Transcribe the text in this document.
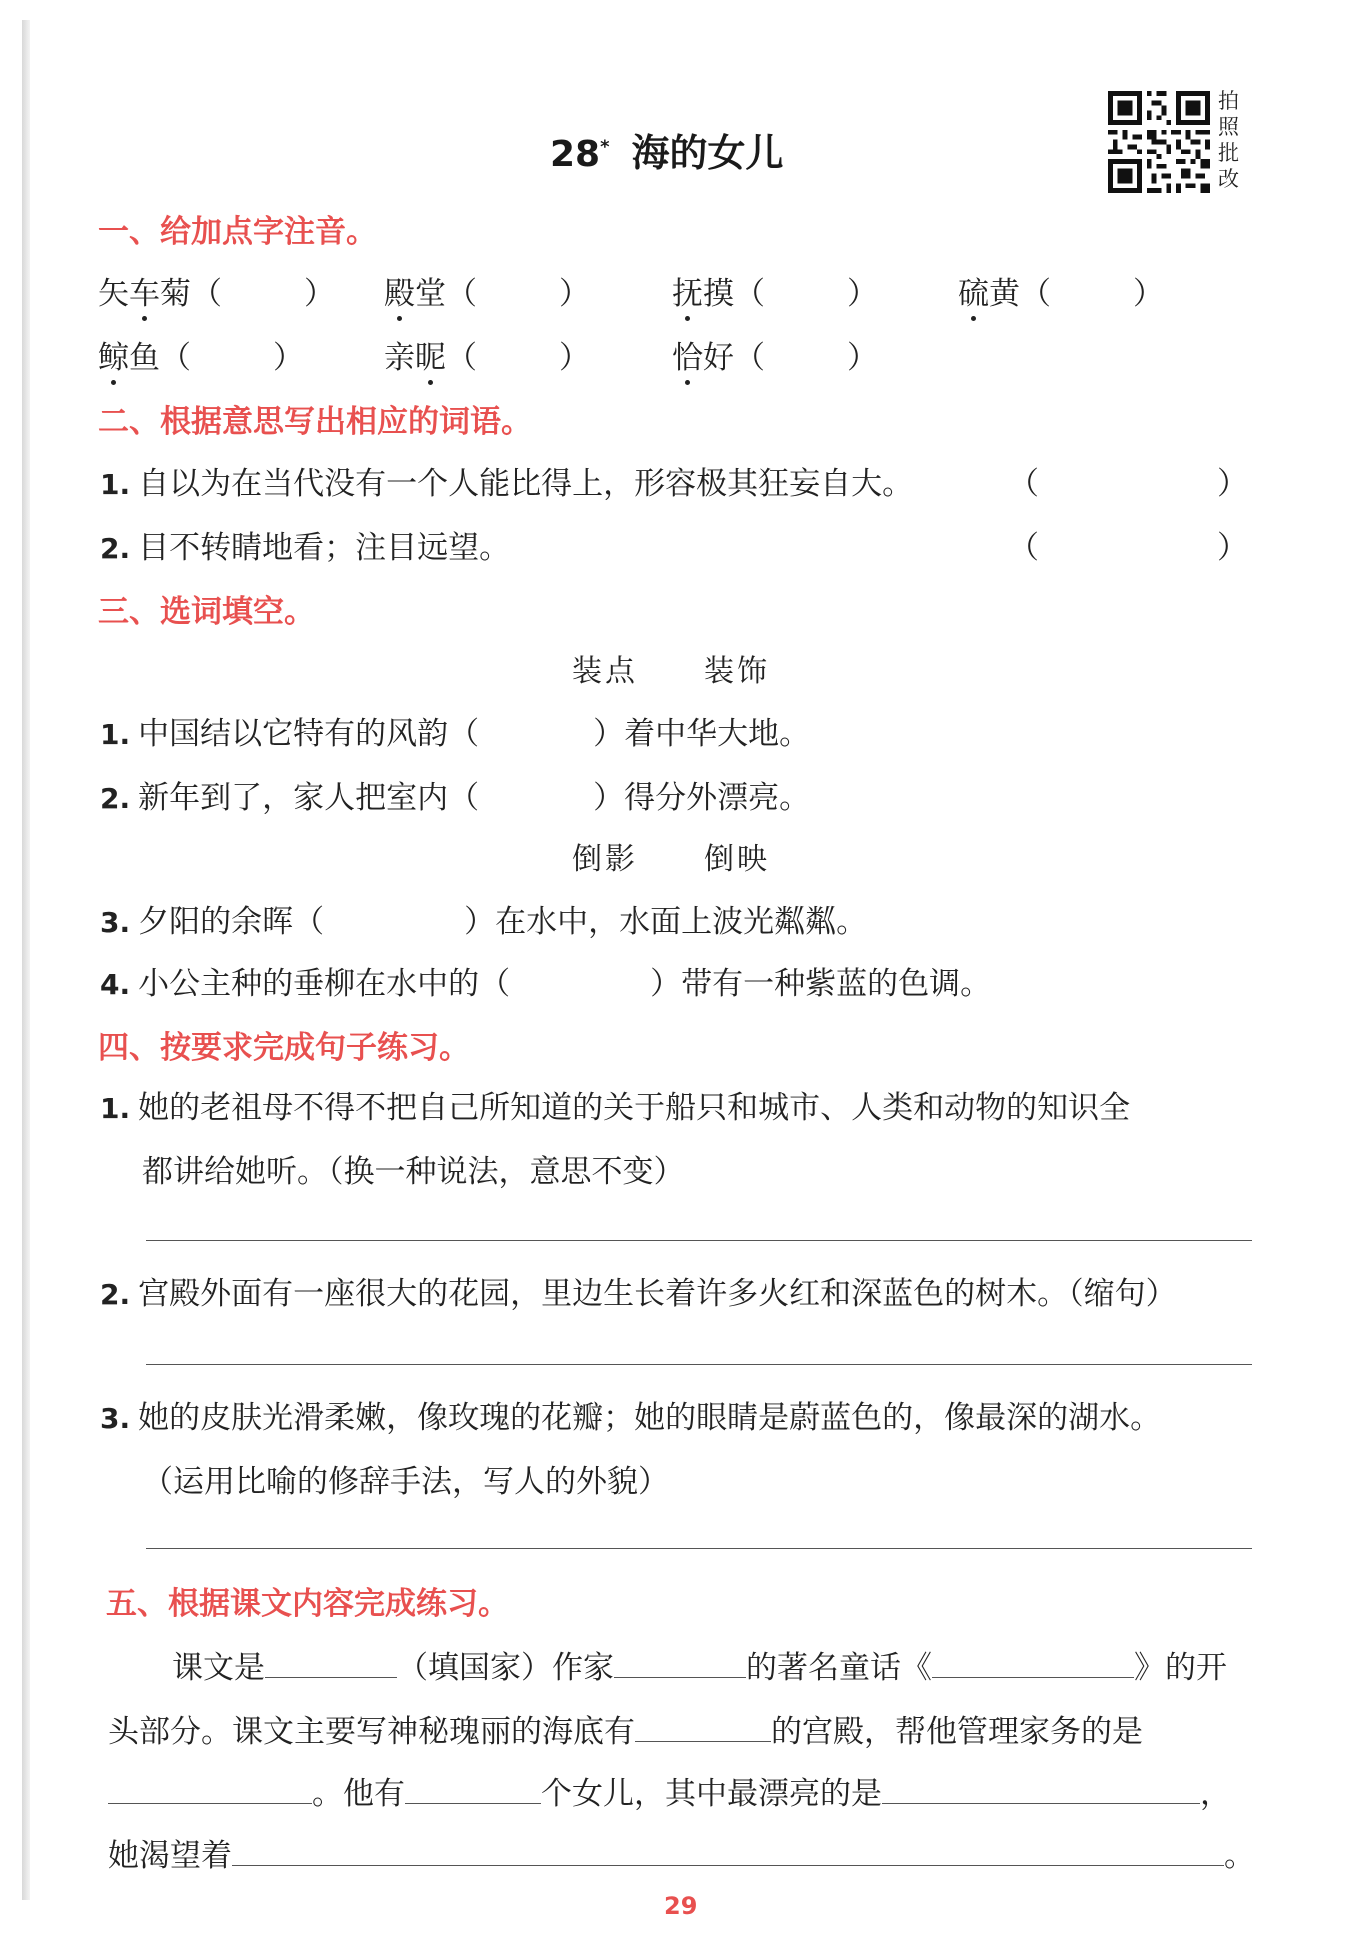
28* 海的女儿
拍照批改
一、给加点字注音。
矢车菊（	） 殿堂（	）	抚摸（	）	硫黄（	）
鲸鱼（	）	亲昵（	）	恰好（	）
二、根据意思写出相应的词语。
1. 自以为在当代没有一个人能比得上，形容极其狂妄自大。	（	）
2. 目不转睛地看；注目远望。	（	）
三、选词填空。
装点　　装饰
1. 中国结以它特有的风韵（	）着中华大地。
2. 新年到了，家人把室内（	）得分外漂亮。
倒影　　倒映
3. 夕阳的余晖（	）在水中，水面上波光粼粼。
4. 小公主种的垂柳在水中的（	）带有一种紫蓝的色调。
四、按要求完成句子练习。
1. 她的老祖母不得不把自己所知道的关于船只和城市、人类和动物的知识全
都讲给她听。（换一种说法，意思不变）
2. 宫殿外面有一座很大的花园，里边生长着许多火红和深蓝色的树木。（缩句）
3. 她的皮肤光滑柔嫩，像玫瑰的花瓣；她的眼睛是蔚蓝色的，像最深的湖水。
（运用比喻的修辞手法，写人的外貌）
五、根据课文内容完成练习。
课文是	（填国家）作家	的著名童话《	》的开
头部分。课文主要写神秘瑰丽的海底有	的宫殿，帮他管理家务的是
。他有	个女儿，其中最漂亮的是	，
她渴望着	。
29
